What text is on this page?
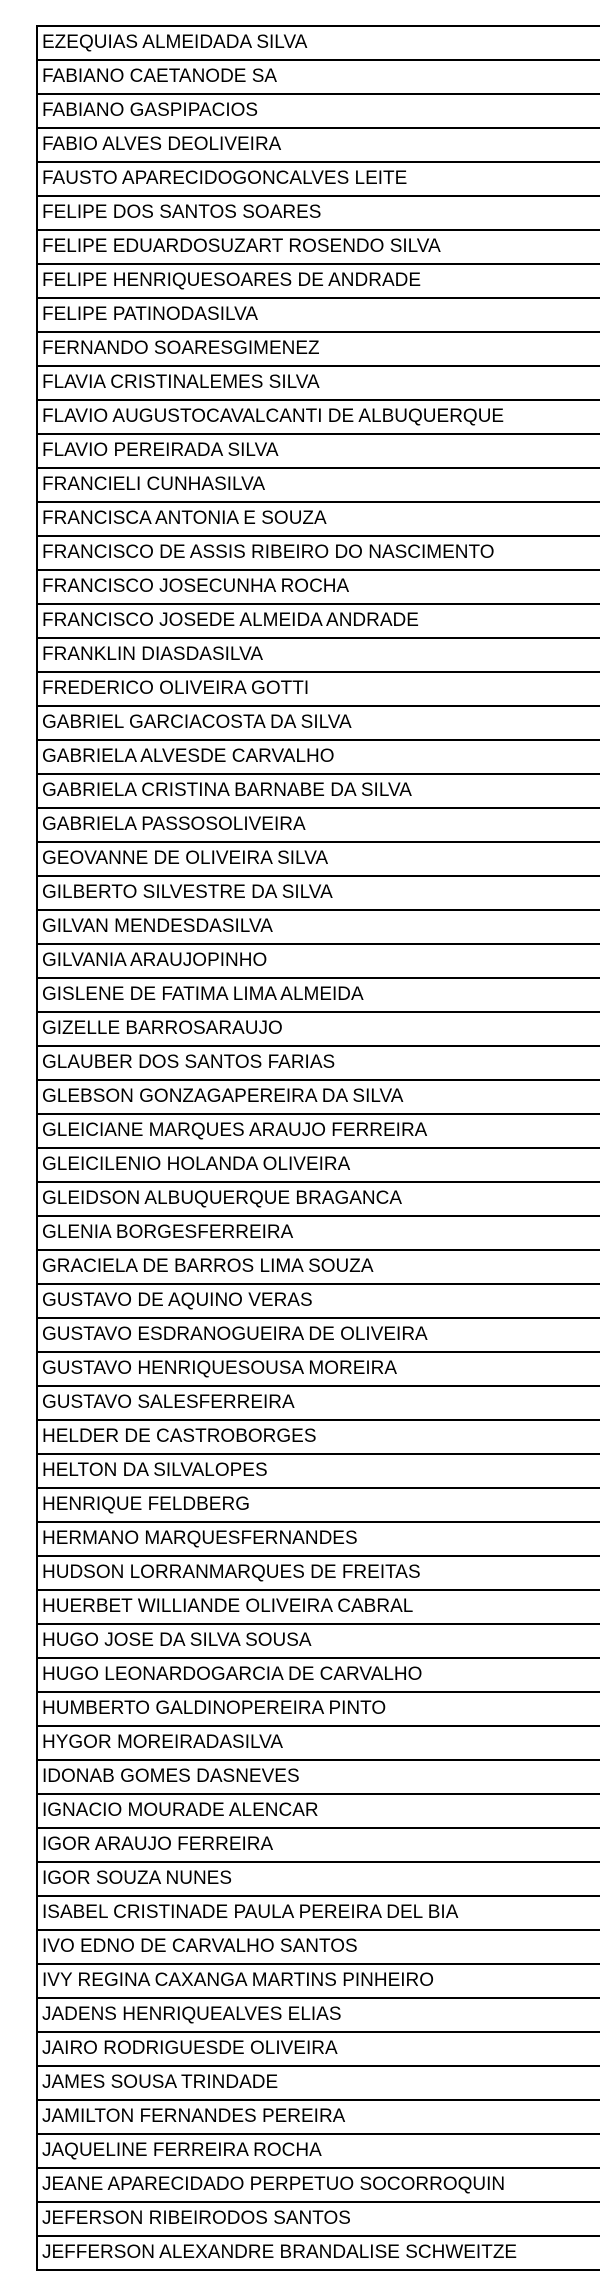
EZEQUIAS ALMEIDADA SILVA
FABIANO CAETANODE SA
FABIANO GASPIPACIOS
FABIO ALVES DEOLIVEIRA
FAUSTO APARECIDOGONCALVES LEITE
FELIPE DOS SANTOS SOARES
FELIPE EDUARDOSUZART ROSENDO SILVA
FELIPE HENRIQUESOARES DE ANDRADE
FELIPE PATINODASILVA
FERNANDO SOARESGIMENEZ
FLAVIA CRISTINALEMES SILVA
FLAVIO AUGUSTOCAVALCANTI DE ALBUQUERQUE
FLAVIO PEREIRADA SILVA
FRANCIELI CUNHASILVA
FRANCISCA ANTONIA E SOUZA
FRANCISCO DE ASSIS RIBEIRO DO NASCIMENTO
FRANCISCO JOSECUNHA ROCHA
FRANCISCO JOSEDE ALMEIDA ANDRADE
FRANKLIN DIASDASILVA
FREDERICO OLIVEIRA GOTTI
GABRIEL GARCIACOSTA DA SILVA
GABRIELA ALVESDE CARVALHO
GABRIELA CRISTINA BARNABE DA SILVA
GABRIELA PASSOSOLIVEIRA
GEOVANNE DE OLIVEIRA SILVA
GILBERTO SILVESTRE DA SILVA
GILVAN MENDESDASILVA
GILVANIA ARAUJOPINHO
GISLENE DE FATIMA LIMA ALMEIDA
GIZELLE BARROSARAUJO
GLAUBER DOS SANTOS FARIAS
GLEBSON GONZAGAPEREIRA DA SILVA
GLEICIANE MARQUES ARAUJO FERREIRA
GLEICILENIO HOLANDA OLIVEIRA
GLEIDSON ALBUQUERQUE BRAGANCA
GLENIA BORGESFERREIRA
GRACIELA DE BARROS LIMA SOUZA
GUSTAVO DE AQUINO VERAS
GUSTAVO ESDRANOGUEIRA DE OLIVEIRA
GUSTAVO HENRIQUESOUSA MOREIRA
GUSTAVO SALESFERREIRA
HELDER DE CASTROBORGES
HELTON DA SILVALOPES
HENRIQUE FELDBERG
HERMANO MARQUESFERNANDES
HUDSON LORRANMARQUES DE FREITAS
HUERBET WILLIANDE OLIVEIRA CABRAL
HUGO JOSE DA SILVA SOUSA
HUGO LEONARDOGARCIA DE CARVALHO
HUMBERTO GALDINOPEREIRA PINTO
HYGOR MOREIRADASILVA
IDONAB GOMES DASNEVES
IGNACIO MOURADE ALENCAR
IGOR ARAUJO FERREIRA
IGOR SOUZA NUNES
ISABEL CRISTINADE PAULA PEREIRA DEL BIA
IVO EDNO DE CARVALHO SANTOS
IVY REGINA CAXANGA MARTINS PINHEIRO
JADENS HENRIQUEALVES ELIAS
JAIRO RODRIGUESDE OLIVEIRA
JAMES SOUSA TRINDADE
JAMILTON FERNANDES PEREIRA
JAQUELINE FERREIRA ROCHA
JEANE APARECIDADO PERPETUO SOCORROQUIN
JEFERSON RIBEIRODOS SANTOS
JEFFERSON ALEXANDRE BRANDALISE SCHWEITZE
